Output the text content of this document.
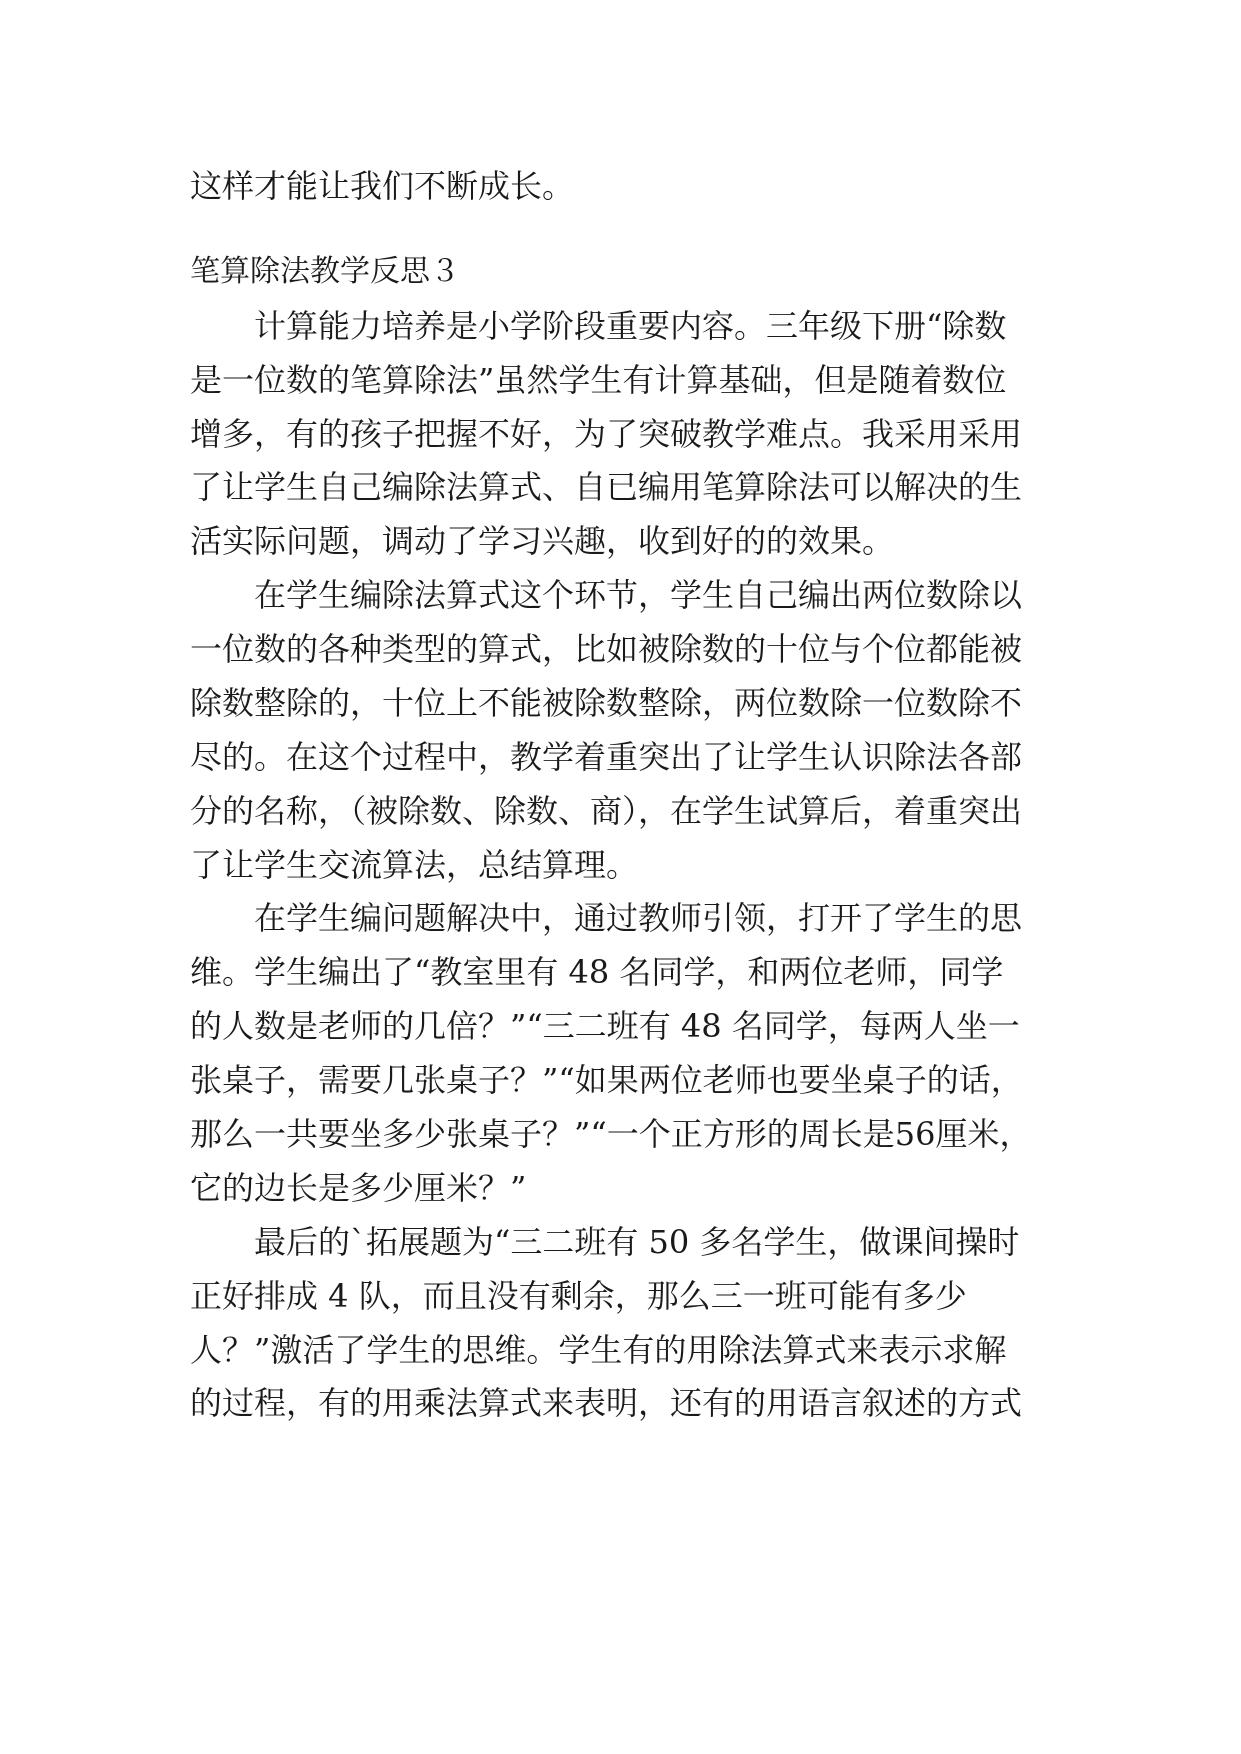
这样才能让我们不断成长。
笔算除法教学反思３
　　计算能力培养是小学阶段重要内容。三年级下册“除数
是一位数的笔算除法”虽然学生有计算基础，但是随着数位
增多，有的孩子把握不好，为了突破教学难点。我采用采用
了让学生自己编除法算式、自已编用笔算除法可以解决的生
活实际问题，调动了学习兴趣，收到好的的效果。
　　在学生编除法算式这个环节，学生自己编出两位数除以
一位数的各种类型的算式，比如被除数的十位与个位都能被
除数整除的，十位上不能被除数整除，两位数除一位数除不
尽的。在这个过程中，教学着重突出了让学生认识除法各部
分的名称，（被除数、除数、商），在学生试算后，着重突出
了让学生交流算法，总结算理。
　　在学生编问题解决中，通过教师引领，打开了学生的思
维。学生编出了“教室里有 48 名同学，和两位老师，同学
的人数是老师的几倍？”“三二班有 48 名同学，每两人坐一
张桌子，需要几张桌子？”“如果两位老师也要坐桌子的话，
那么一共要坐多少张桌子？”“一个正方形的周长是56厘米，
它的边长是多少厘米？”
　　最后的`拓展题为“三二班有 50 多名学生，做课间操时
正好排成 4 队，而且没有剩余，那么三一班可能有多少
人？”激活了学生的思维。学生有的用除法算式来表示求解
的过程，有的用乘法算式来表明，还有的用语言叙述的方式
